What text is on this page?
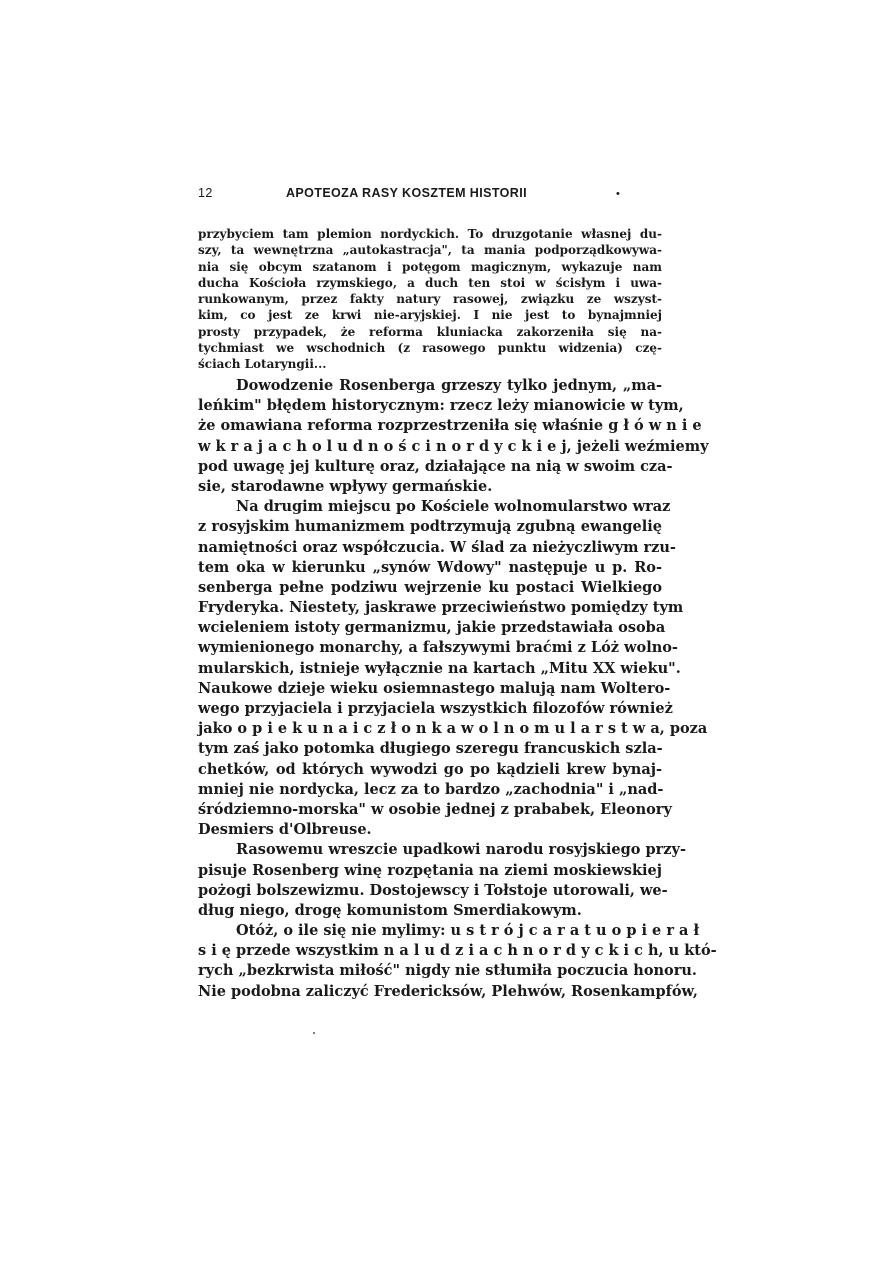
12	APOTEOZA RASY KOSZTEM HISTORII	•
przybyciem tam plemion nordyckich. To druzgotanie własnej du-
szy, ta wewnętrzna „autokastracja", ta mania podporządkowywa-
nia się obcym szatanom i potęgom magicznym, wykazuje nam
ducha Kościoła rzymskiego, a duch ten stoi w ścisłym i uwa-
runkowanym, przez fakty natury rasowej, związku ze wszyst-
kim, co jest ze krwi nie-aryjskiej. I nie jest to bynajmniej
prosty przypadek, że reforma kluniacka zakorzeniła się na-
tychmiast we wschodnich (z rasowego punktu widzenia) czę-
ściach Lotaryngii...
Dowodzenie Rosenberga grzeszy tylko jednym, „ma-
leńkim" błędem historycznym: rzecz leży mianowicie w tym,
że omawiana reforma rozprzestrzeniła się właśnie g ł ó w n i e
w k r a j a c h o l u d n o ś c i n o r d y c k i e j, jeżeli weźmiemy
pod uwagę jej kulturę oraz, działające na nią w swoim cza-
sie, starodawne wpływy germańskie.
Na drugim miejscu po Kościele wolnomularstwo wraz
z rosyjskim humanizmem podtrzymują zgubną ewangelię
namiętności oraz współczucia. W ślad za nieżyczliwym rzu-
tem oka w kierunku „synów Wdowy" następuje u p. Ro-
senberga pełne podziwu wejrzenie ku postaci Wielkiego
Fryderyka. Niestety, jaskrawe przeciwieństwo pomiędzy tym
wcieleniem istoty germanizmu, jakie przedstawiała osoba
wymienionego monarchy, a fałszywymi braćmi z Lóż wolno-
mularskich, istnieje wyłącznie na kartach „Mitu XX wieku".
Naukowe dzieje wieku osiemnastego malują nam Woltero-
wego przyjaciela i przyjaciela wszystkich filozofów również
jako o p i e k u n a i c z ł o n k a w o l n o m u l a r s t w a, poza
tym zaś jako potomka długiego szeregu francuskich szla-
chetków, od których wywodzi go po kądzieli krew bynaj-
mniej nie nordycka, lecz za to bardzo „zachodnia" i „nad-
śródziemno-morska" w osobie jednej z prababek, Eleonory
Desmiers d'Olbreuse.
Rasowemu wreszcie upadkowi narodu rosyjskiego przy-
pisuje Rosenberg winę rozpętania na ziemi moskiewskiej
pożogi bolszewizmu. Dostojewscy i Tołstoje utorowali, we-
dług niego, drogę komunistom Smerdiakowym.
Otóż, o ile się nie mylimy: u s t r ó j c a r a t u o p i e r a ł
s i ę przede wszystkim n a l u d z i a c h n o r d y c k i c h, u któ-
rych „bezkrwista miłość" nigdy nie stłumiła poczucia honoru.
Nie podobna zaliczyć Fredericksów, Plehwów, Rosenkampfów,
